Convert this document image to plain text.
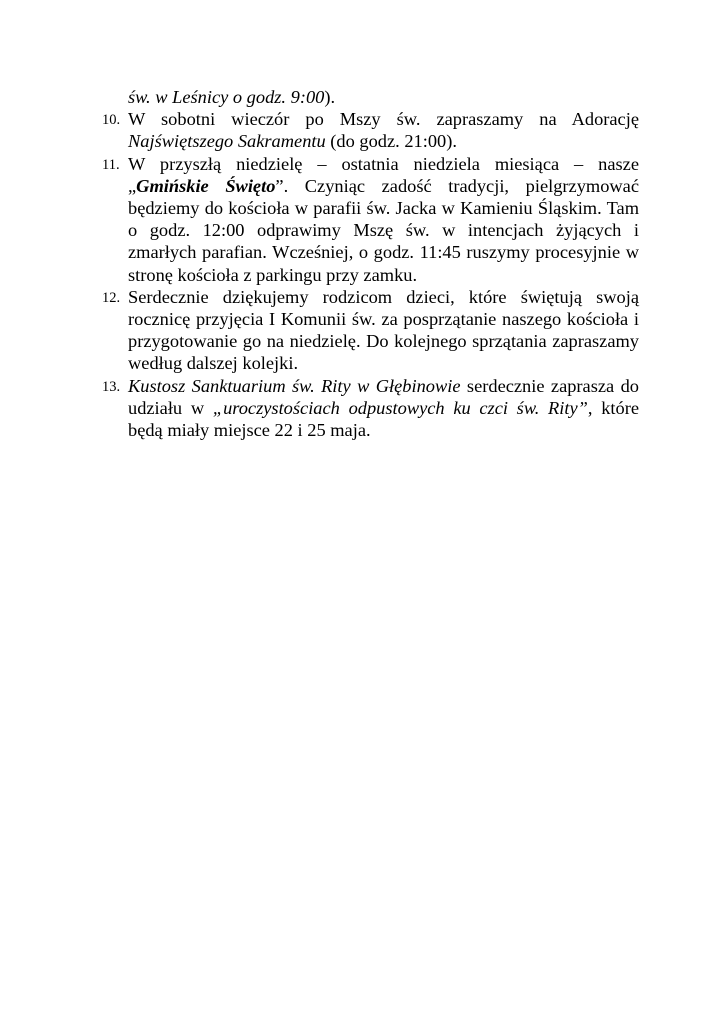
św. w Leśnicy o godz. 9:00).
10. W sobotni wieczór po Mszy św. zapraszamy na Adorację Najświętszego Sakramentu (do godz. 21:00).
11. W przyszłą niedzielę – ostatnia niedziela miesiąca – nasze „Gmińskie Święto”. Czyniąc zadość tradycji, pielgrzymować będziemy do kościoła w parafii św. Jacka w Kamieniu Śląskim. Tam o godz. 12:00 odprawimy Mszę św. w intencjach żyjących i zmarłych parafian. Wcześniej, o godz. 11:45 ruszymy procesyjnie w stronę kościoła z parkingu przy zamku.
12. Serdecznie dziękujemy rodzicom dzieci, które świętują swoją rocznicę przyjęcia I Komunii św. za posprzątanie naszego kościoła i przygotowanie go na niedzielę. Do kolejnego sprzątania zapraszamy według dalszej kolejki.
13. Kustosz Sanktuarium św. Rity w Głębinowie serdecznie zaprasza do udziału w „uroczystościach odpustowych ku czci św. Rity”, które będą miały miejsce 22 i 25 maja.
